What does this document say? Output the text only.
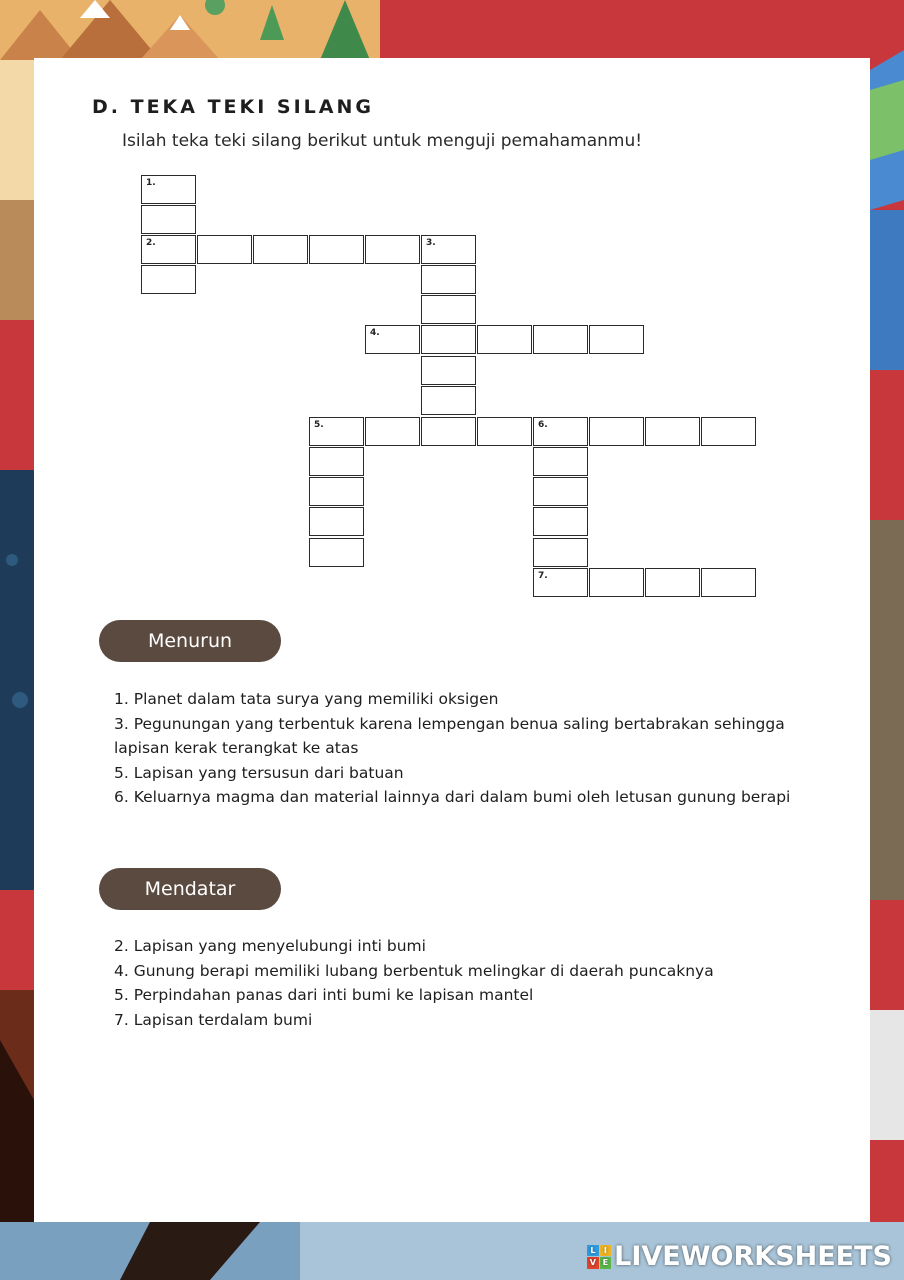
D. TEKA TEKI SILANG
Isilah teka teki silang berikut untuk menguji pemahamanmu!
1.
2.	3.
4.
5.	6.
7.
Menurun

1. Planet dalam tata surya yang memiliki oksigen

3. Pegunungan yang terbentuk karena lempengan benua saling bertabrakan sehingga lapisan kerak terangkat ke atas

5. Lapisan yang tersusun dari batuan

6. Keluarnya magma dan material lainnya dari dalam bumi oleh letusan gunung berapi

Mendatar

2. Lapisan yang menyelubungi inti bumi

4. Gunung berapi memiliki lubang berbentuk melingkar di daerah puncaknya

5. Perpindahan panas dari inti bumi ke lapisan mantel

7. Lapisan terdalam bumi

L	I
V E LIVEWORKSHEETS
